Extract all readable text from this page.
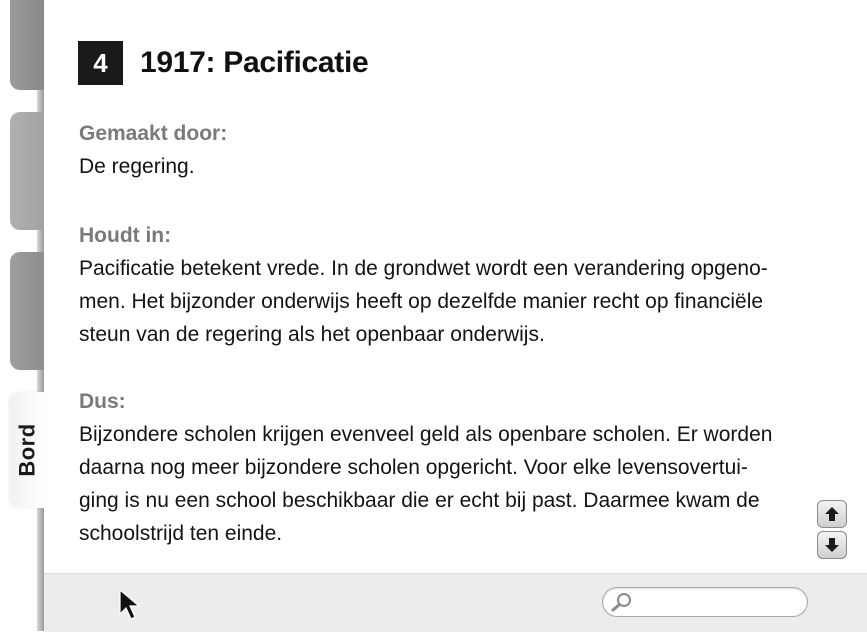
Bord
4	1917: Pacificatie
Gemaakt door:
De regering.
Houdt in:
Pacificatie betekent vrede. In de grondwet wordt een verandering opgeno-
men. Het bijzonder onderwijs heeft op dezelfde manier recht op financiële
steun van de regering als het openbaar onderwijs.
Dus:
Bijzondere scholen krijgen evenveel geld als openbare scholen. Er worden
daarna nog meer bijzondere scholen opgericht. Voor elke levensovertui-
ging is nu een school beschikbaar die er echt bij past. Daarmee kwam de
schoolstrijd ten einde.
